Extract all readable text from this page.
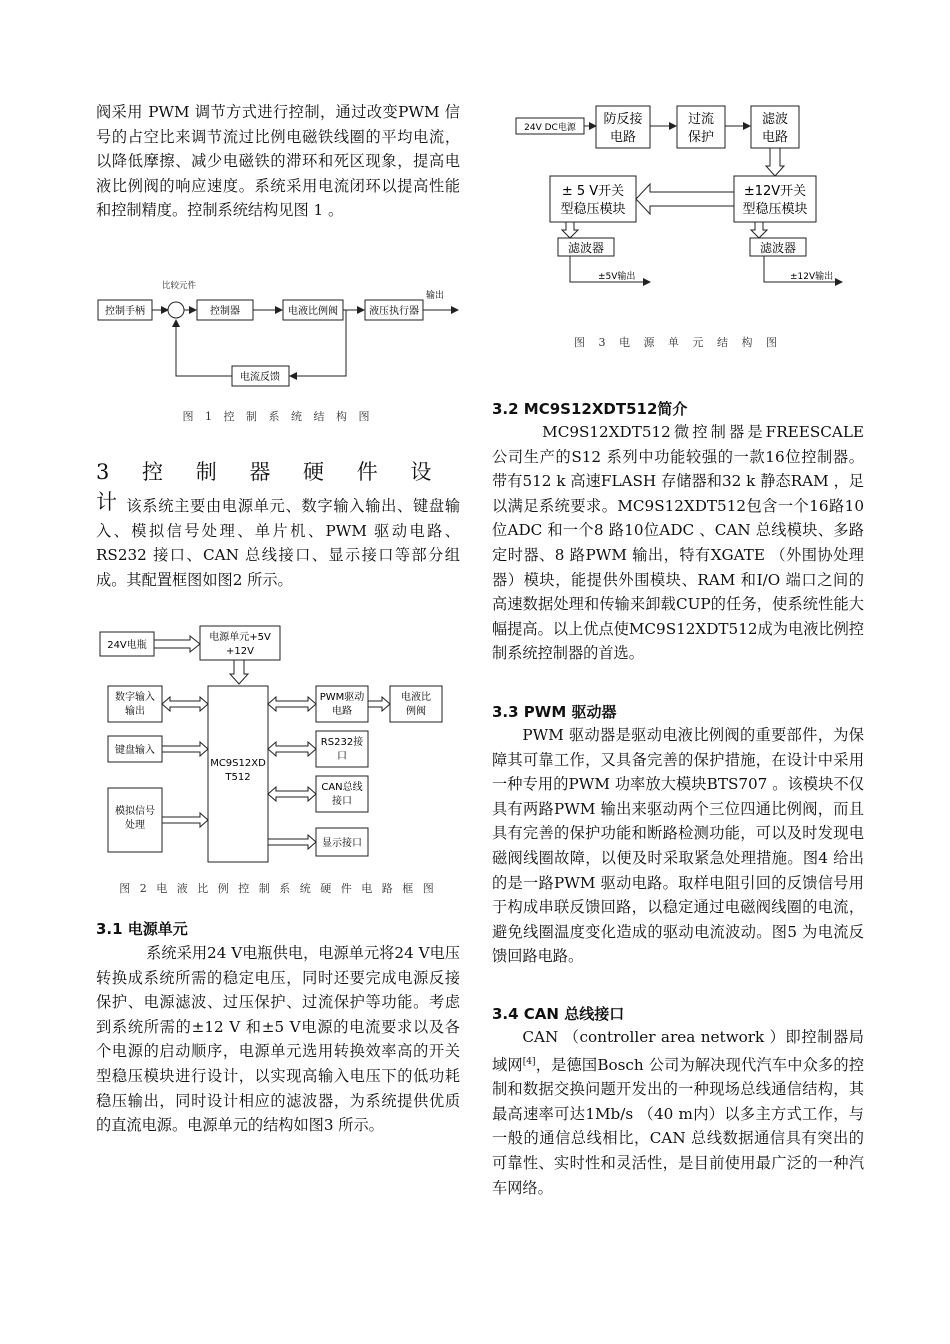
阀采用 PWM 调节方式进行控制，通过改变PWM 信号的占空比来调节流过比例电磁铁线圈的平均电流，以降低摩擦、减少电磁铁的滞环和死区现象，提高电液比例阀的响应速度。系统采用电流闭环以提高性能和控制精度。控制系统结构见图 1 。

比较元件
控制手柄	控制器	电液比例阀	液压执行器
输出
电流反馈
图 1 控 制 系 统 结 构 图
3 控 制 器 硬 件 设 计

该系统主要由电源单元、数字输入输出、键盘输入、模拟信号处理、单片机、PWM 驱动电路、RS232 接口、CAN 总线接口、显示接口等部分组成。其配置框图如图2 所示。

24V电瓶
电源单元+5V
+12V
MC9S12XD
T512
数字输入
输出
键盘输入
模拟信号
处理
PWM驱动
电路
电液比
例阀
RS232接
口
CAN总线
接口
显示接口
图 2 电 液 比 例 控 制 系 统 硬 件 电 路 框 图
3.1 电源单元

系统采用24 V电瓶供电，电源单元将24 V电压转换成系统所需的稳定电压，同时还要完成电源反接保护、电源滤波、过压保护、过流保护等功能。考虑到系统所需的±12 V 和±5 V电源的电流要求以及各个电源的启动顺序，电源单元选用转换效率高的开关型稳压模块进行设计，以实现高输入电压下的低功耗稳压输出，同时设计相应的滤波器，为系统提供优质的直流电源。电源单元的结构如图3 所示。

24V DC电源
防反接
电路
过流
保护
滤波
电路
±12V开关
型稳压模块
± 5 V开关
型稳压模块
滤波器	滤波器
±5V输出	±12V输出
图 3 电 源 单 元 结 构 图
3.2 MC9S12XDT512简介

MC9S12XDT512微控制器是FREESCALE 公司生产的S12 系列中功能较强的一款16位控制器。带有512 k 高速FLASH 存储器和32 k 静态RAM ，足以满足系统要求。MC9S12XDT512包含一个16路10位ADC 和一个8 路10位ADC 、CAN 总线模块、多路定时器、8 路PWM 输出，特有XGATE （外围协处理器）模块，能提供外围模块、RAM 和I/O 端口之间的高速数据处理和传输来卸载CUP的任务，使系统性能大幅提高。以上优点使MC9S12XDT512成为电液比例控制系统控制器的首选。

3.3 PWM 驱动器

PWM 驱动器是驱动电液比例阀的重要部件，为保障其可靠工作，又具备完善的保护措施，在设计中采用一种专用的PWM 功率放大模块BTS707 。该模块不仅具有两路PWM 输出来驱动两个三位四通比例阀，而且具有完善的保护功能和断路检测功能，可以及时发现电磁阀线圈故障，以便及时采取紧急处理措施。图4 给出的是一路PWM 驱动电路。取样电阻引回的反馈信号用于构成串联反馈回路，以稳定通过电磁阀线圈的电流，避免线圈温度变化造成的驱动电流波动。图5 为电流反馈回路电路。

3.4 CAN 总线接口

CAN （controller area network ）即控制器局域网[4]，是德国Bosch 公司为解决现代汽车中众多的控制和数据交换问题开发出的一种现场总线通信结构，其最高速率可达1Mb/s （40 m内）以多主方式工作，与一般的通信总线相比，CAN 总线数据通信具有突出的可靠性、实时性和灵活性，是目前使用最广泛的一种汽车网络。
